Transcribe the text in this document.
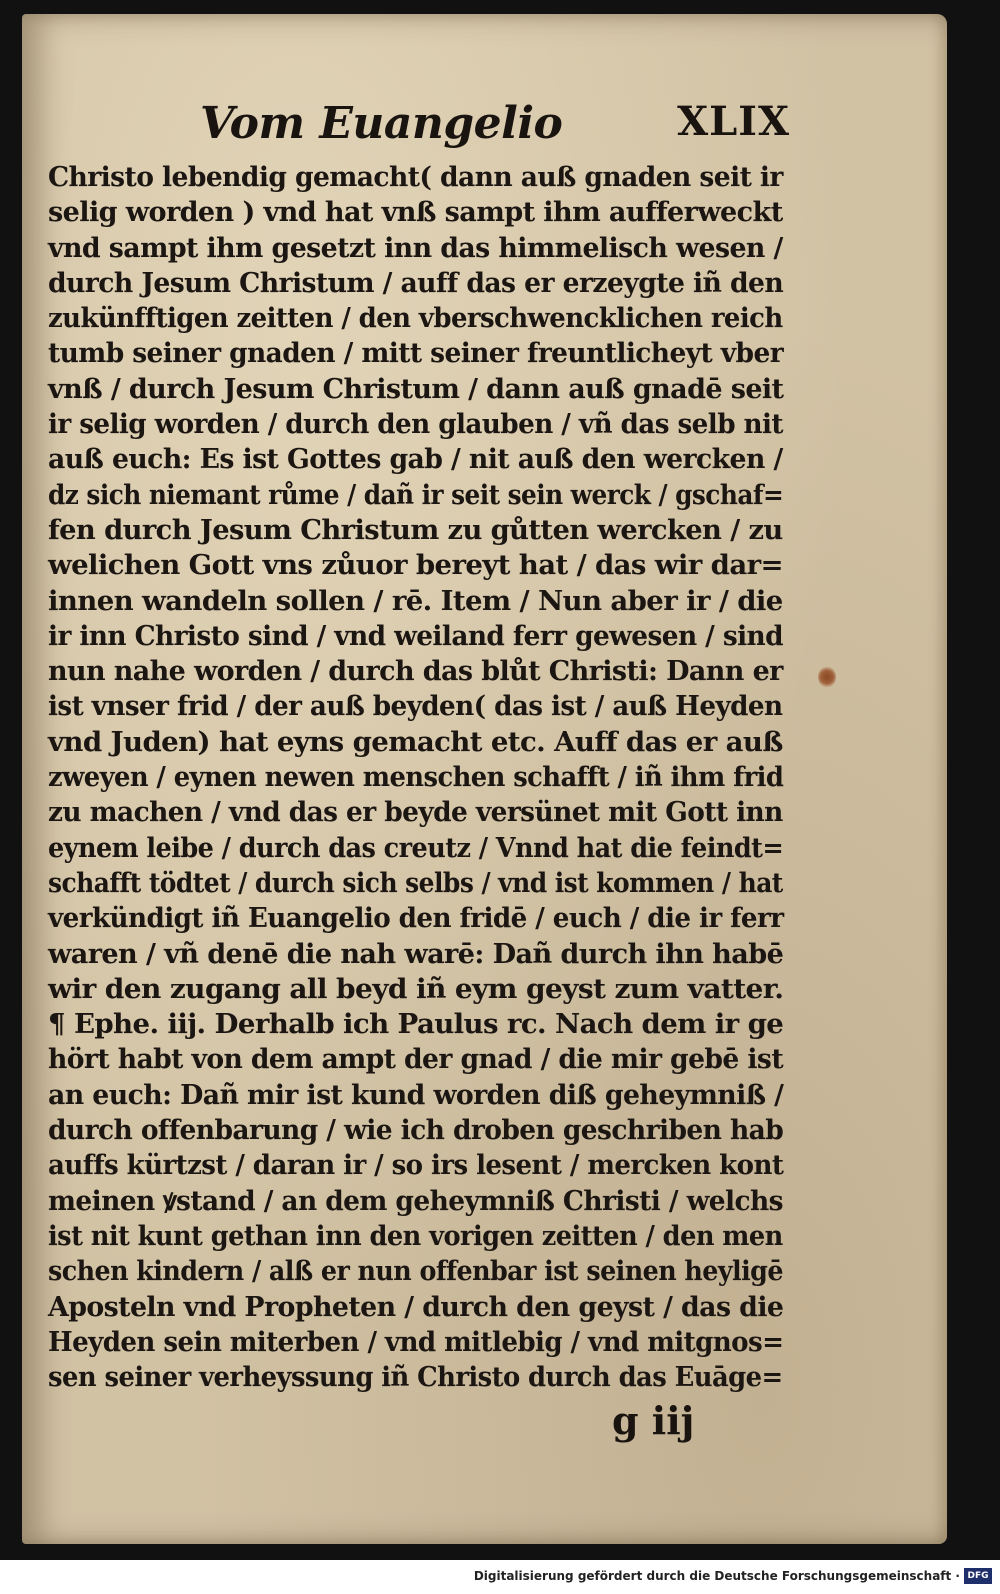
Vom Euangelio	XLIX
Christo lebendig gemacht( dann auß gnaden seit ir
selig worden ) vnd hat vnß sampt ihm aufferweckt
vnd sampt ihm gesetzt inn das himmelisch wesen /
durch Jesum Christum / auff das er erzeygte iñ den
zukünfftigen zeitten / den vberschwencklichen reich
tumb seiner gnaden / mitt seiner freuntlicheyt vber
vnß / durch Jesum Christum / dann auß gnadē seit
ir selig worden / durch den glauben / vñ das selb nit
auß euch: Es ist Gottes gab / nit auß den wercken /
dz sich niemant růme / dañ ir seit sein werck / gschaf=
fen durch Jesum Christum zu gůtten wercken / zu
welichen Gott vns zůuor bereyt hat / das wir dar=
innen wandeln sollen / rē. Item / Nun aber ir / die
ir inn Christo sind / vnd weiland ferr gewesen / sind
nun nahe worden / durch das blůt Christi: Dann er
ist vnser frid / der auß beyden( das ist / auß Heyden
vnd Juden) hat eyns gemacht etc. Auff das er auß
zweyen / eynen newen menschen schafft / iñ ihm frid
zu machen / vnd das er beyde versünet mit Gott inn
eynem leibe / durch das creutz / Vnnd hat die feindt=
schafft tödtet / durch sich selbs / vnd ist kommen / hat
verkündigt iñ Euangelio den fridē / euch / die ir ferr
waren / vñ denē die nah warē: Dañ durch ihn habē
wir den zugang all beyd iñ eym geyst zum vatter.
¶ Ephe. iij. Derhalb ich Paulus rc. Nach dem ir ge
hört habt von dem ampt der gnad / die mir gebē ist
an euch: Dañ mir ist kund worden diß geheymniß /
durch offenbarung / wie ich droben geschriben hab
auffs kürtzst / daran ir / so irs lesent / mercken kont
meinen ꝟstand / an dem geheymniß Christi / welchs
ist nit kunt gethan inn den vorigen zeitten / den men
schen kindern / alß er nun offenbar ist seinen heyligē
Aposteln vnd Propheten / durch den geyst / das die
Heyden sein miterben / vnd mitlebig / vnd mitgnos=
sen seiner verheyssung iñ Christo durch das Euāge=
g iij
Digitalisierung gefördert durch die Deutsche Forschungsgemeinschaft · DFG
